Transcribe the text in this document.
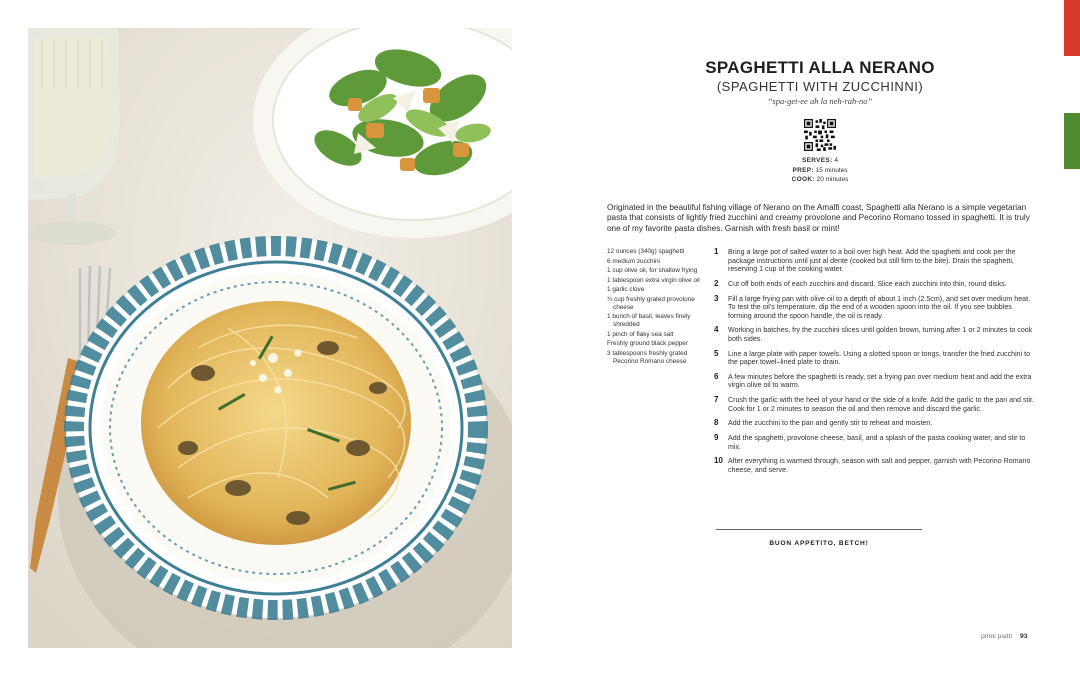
SPAGHETTI ALLA NERANO
(SPAGHETTI WITH ZUCCHINNI)
“spa-get-ee ah la neh-rah-no”
SERVES: 4
PREP: 15 minutes
COOK: 20 minutes

Originated in the beautiful fishing village of Nerano on the Amalfi coast, Spaghetti alla Nerano is a simple vegetarian pasta that consists of lightly fried zucchini and creamy provolone and Pecorino Romano tossed in spaghetti. It is truly one of my favorite pasta dishes. Garnish with fresh basil or mint!

12 ounces (340g) spaghetti
6 medium zucchini
1 cup olive oil, for shallow frying
1 tablespoon extra virgin olive oil
1 garlic clove
¾ cup freshly grated provolone cheese
1 bunch of basil, leaves finely shredded
1 pinch of flaky sea salt
Freshly ground black pepper
3 tablespoons freshly grated Pecorino Romano cheese
1	Bring a large pot of salted water to a boil over high heat. Add the spaghetti and cook per the package instructions until just al dente (cooked but still firm to the bite). Drain the spaghetti, reserving 1 cup of the cooking water.
2	Cut off both ends of each zucchini and discard. Slice each zucchini into thin, round disks.
3	Fill a large frying pan with olive oil to a depth of about 1 inch (2.5cm), and set over medium heat. To test the oil’s temperature, dip the end of a wooden spoon into the oil. If you see bubbles forming around the spoon handle, the oil is ready.
4	Working in batches, fry the zucchini slices until golden brown, turning after 1 or 2 minutes to cook both sides.
5	Line a large plate with paper towels. Using a slotted spoon or tongs, transfer the fried zucchini to the paper towel–lined plate to drain.
6	A few minutes before the spaghetti is ready, set a frying pan over medium heat and add the extra virgin olive oil to warm.
7	Crush the garlic with the heel of your hand or the side of a knife. Add the garlic to the pan and stir. Cook for 1 or 2 minutes to season the oil and then remove and discard the garlic.
8	Add the zucchini to the pan and gently stir to reheat and moisten.
9	Add the spaghetti, provolone cheese, basil, and a splash of the pasta cooking water, and stir to mix.
10 After everything is warmed through, season with salt and pepper, garnish with Pecorino Romano cheese, and serve.
BUON APPETITO, BETCH!
primi piatti 93
